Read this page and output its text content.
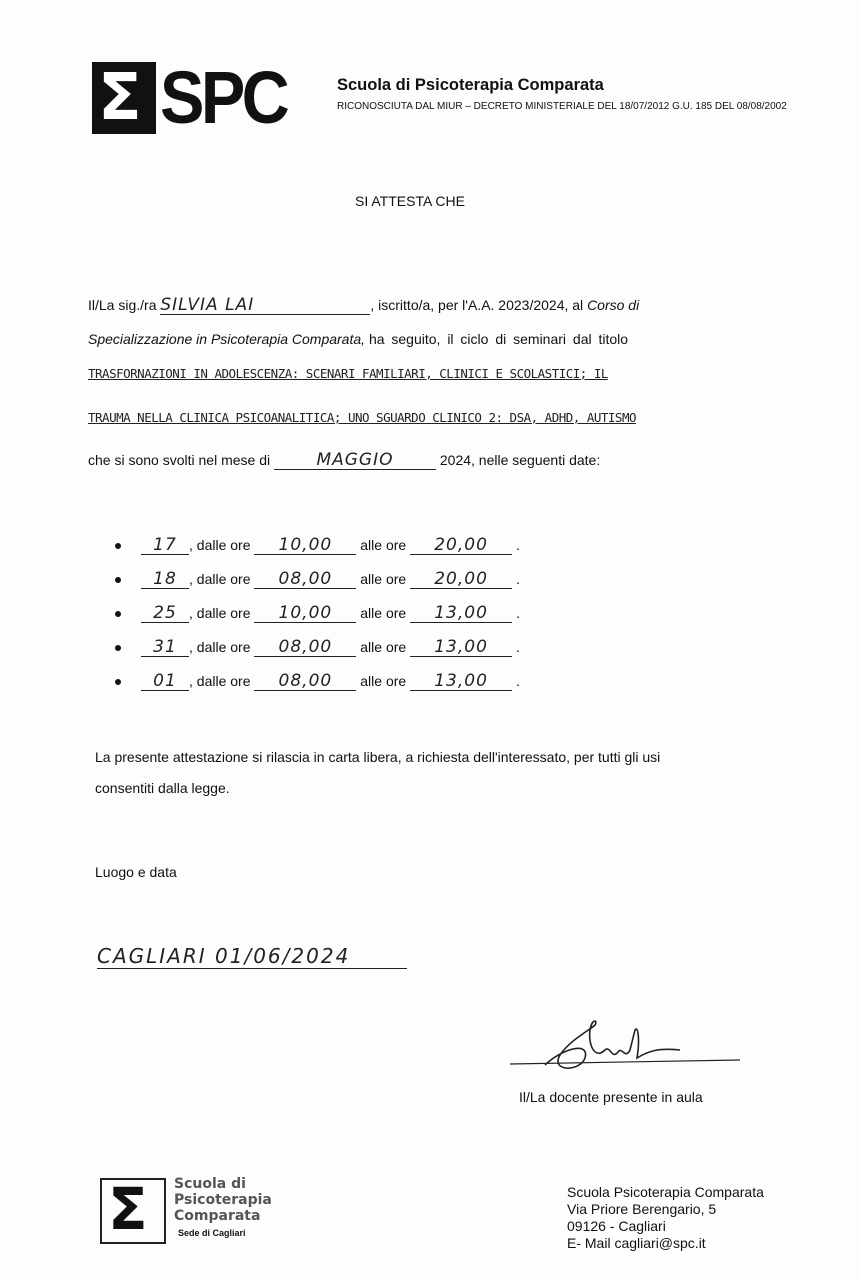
Σ SPC	Scuola di Psicoterapia Comparata
RICONOSCIUTA DAL MIUR – DECRETO MINISTERIALE DEL 18/07/2012 G.U. 185 DEL 08/08/2002
SI ATTESTA CHE
Il/La sig./ra SILVIA LAI	, iscritto/a, per l'A.A. 2023/2024, al Corso di
Specializzazione in Psicoterapia Comparata, ha seguito, il ciclo di seminari dal titolo
TRASFORNAZIONI IN ADOLESCENZA: SCENARI FAMILIARI, CLINICI E SCOLASTICI; IL
TRAUMA NELLA CLINICA PSICOANALITICA; UNO SGUARDO CLINICO 2: DSA, ADHD, AUTISMO
che si sono svolti nel mese di	MAGGIO	2024, nelle seguenti date:
17 , dalle ore 10,00 alle ore 20,00 .
18 , dalle ore 08,00 alle ore 20,00 .
25 , dalle ore 10,00 alle ore 13,00 .
31 , dalle ore 08,00 alle ore 13,00 .
01 , dalle ore 08,00 alle ore 13,00 .
La presente attestazione si rilascia in carta libera, a richiesta dell'interessato, per tutti gli usi
consentiti dalla legge.
Luogo e data
CAGLIARI 01/06/2024
Il/La docente presente in aula
Σ Scuola di
Psicoterapia
Comparata
Sede di Cagliari
Scuola Psicoterapia Comparata
Via Priore Berengario, 5
09126 - Cagliari
E- Mail cagliari@spc.it
